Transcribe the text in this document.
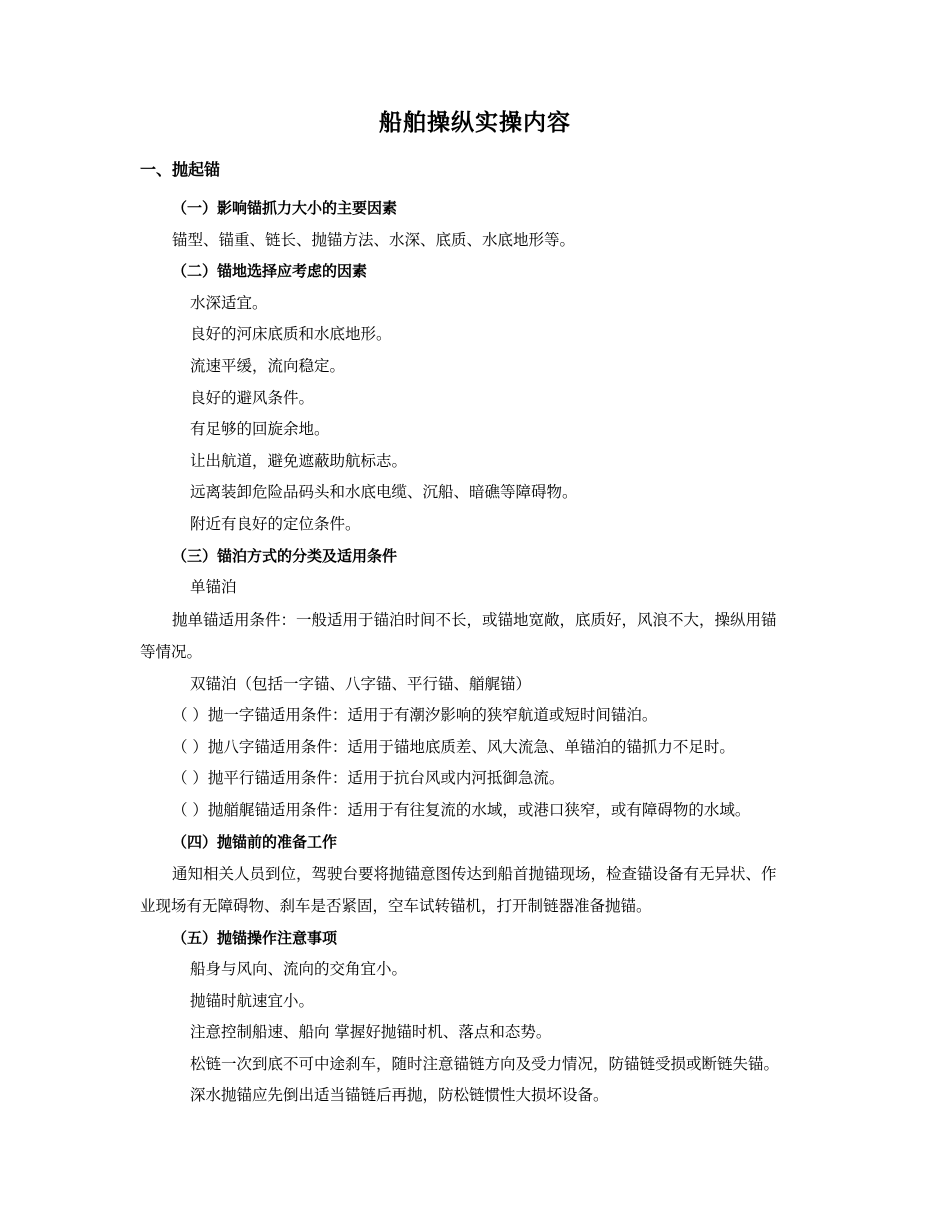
船舶操纵实操内容
一、抛起锚
（一）影响锚抓力大小的主要因素
锚型、锚重、链长、抛锚方法、水深、底质、水底地形等。
（二）锚地选择应考虑的因素
水深适宜。
良好的河床底质和水底地形。
流速平缓，流向稳定。
良好的避风条件。
有足够的回旋余地。
让出航道，避免遮蔽助航标志。
远离装卸危险品码头和水底电缆、沉船、暗礁等障碍物。
附近有良好的定位条件。
（三）锚泊方式的分类及适用条件
单锚泊
抛单锚适用条件：一般适用于锚泊时间不长，或锚地宽敞，底质好，风浪不大，操纵用锚
等情况。
双锚泊（包括一字锚、八字锚、平行锚、艏艉锚）
（ ）抛一字锚适用条件：适用于有潮汐影响的狭窄航道或短时间锚泊。
（ ）抛八字锚适用条件：适用于锚地底质差、风大流急、单锚泊的锚抓力不足时。
（ ）抛平行锚适用条件：适用于抗台风或内河抵御急流。
（ ）抛艏艉锚适用条件：适用于有往复流的水域，或港口狭窄，或有障碍物的水域。
（四）抛锚前的准备工作
通知相关人员到位，驾驶台要将抛锚意图传达到船首抛锚现场，检查锚设备有无异状、作
业现场有无障碍物、刹车是否紧固，空车试转锚机，打开制链器准备抛锚。
（五）抛锚操作注意事项
船身与风向、流向的交角宜小。
抛锚时航速宜小。
注意控制船速、船向 掌握好抛锚时机、落点和态势。
松链一次到底不可中途刹车，随时注意锚链方向及受力情况，防锚链受损或断链失锚。
深水抛锚应先倒出适当锚链后再抛，防松链惯性大损坏设备。
